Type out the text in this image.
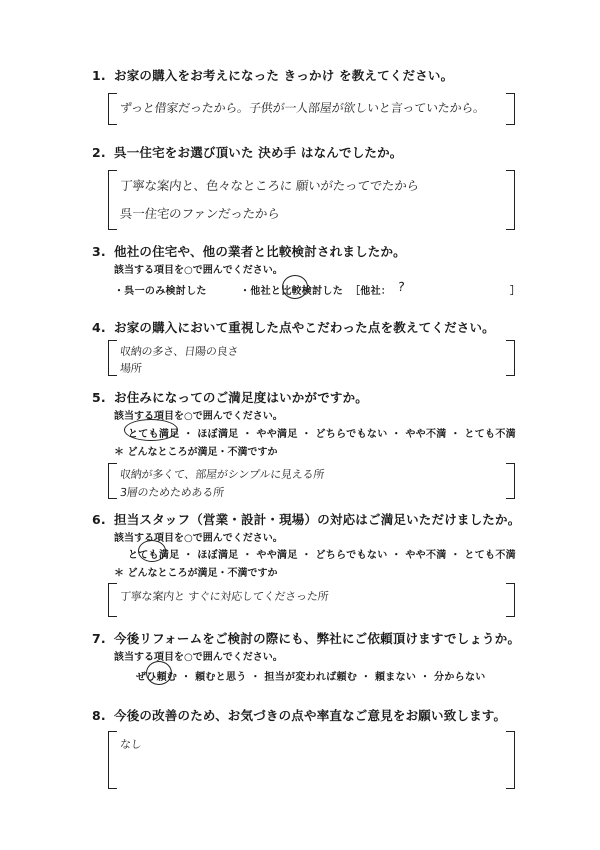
1. お家の購入をお考えになった きっかけ を教えてください。
ずっと借家だったから。子供が一人部屋が欲しいと言っていたから。
2. 呉一住宅をお選び頂いた 決め手 はなんでしたか。
丁寧な案内と、色々なところに 願いがたってでたから
呉一住宅のファンだったから
3. 他社の住宅や、他の業者と比較検討されましたか。
該当する項目を○で囲んでください。
・呉一のみ検討した	・他社と比較検討した ［他社： ?	］
4. お家の購入において重視した点やこだわった点を教えてください。
収納の多さ、日陽の良さ
場所
5. お住みになってのご満足度はいかがですか。
該当する項目を○で囲んでください。
とても満足 ・ ほぼ満足 ・ やや満足 ・ どちらでもない ・ やや不満 ・ とても不満
＊ どんなところが満足・不満ですか
収納が多くて、部屋がシンプルに見える所
3層のためためある所
6. 担当スタッフ（営業・設計・現場）の対応はご満足いただけましたか。
該当する項目を○で囲んでください。
とても満足 ・ ほぼ満足 ・ やや満足 ・ どちらでもない ・ やや不満 ・ とても不満
＊ どんなところが満足・不満ですか
丁寧な案内と すぐに対応してくださった所
7. 今後リフォームをご検討の際にも、弊社にご依頼頂けますでしょうか。
該当する項目を○で囲んでください。
ぜひ頼む ・ 頼むと思う ・ 担当が変われば頼む ・ 頼まない ・ 分からない
8. 今後の改善のため、お気づきの点や率直なご意見をお願い致します。
なし
